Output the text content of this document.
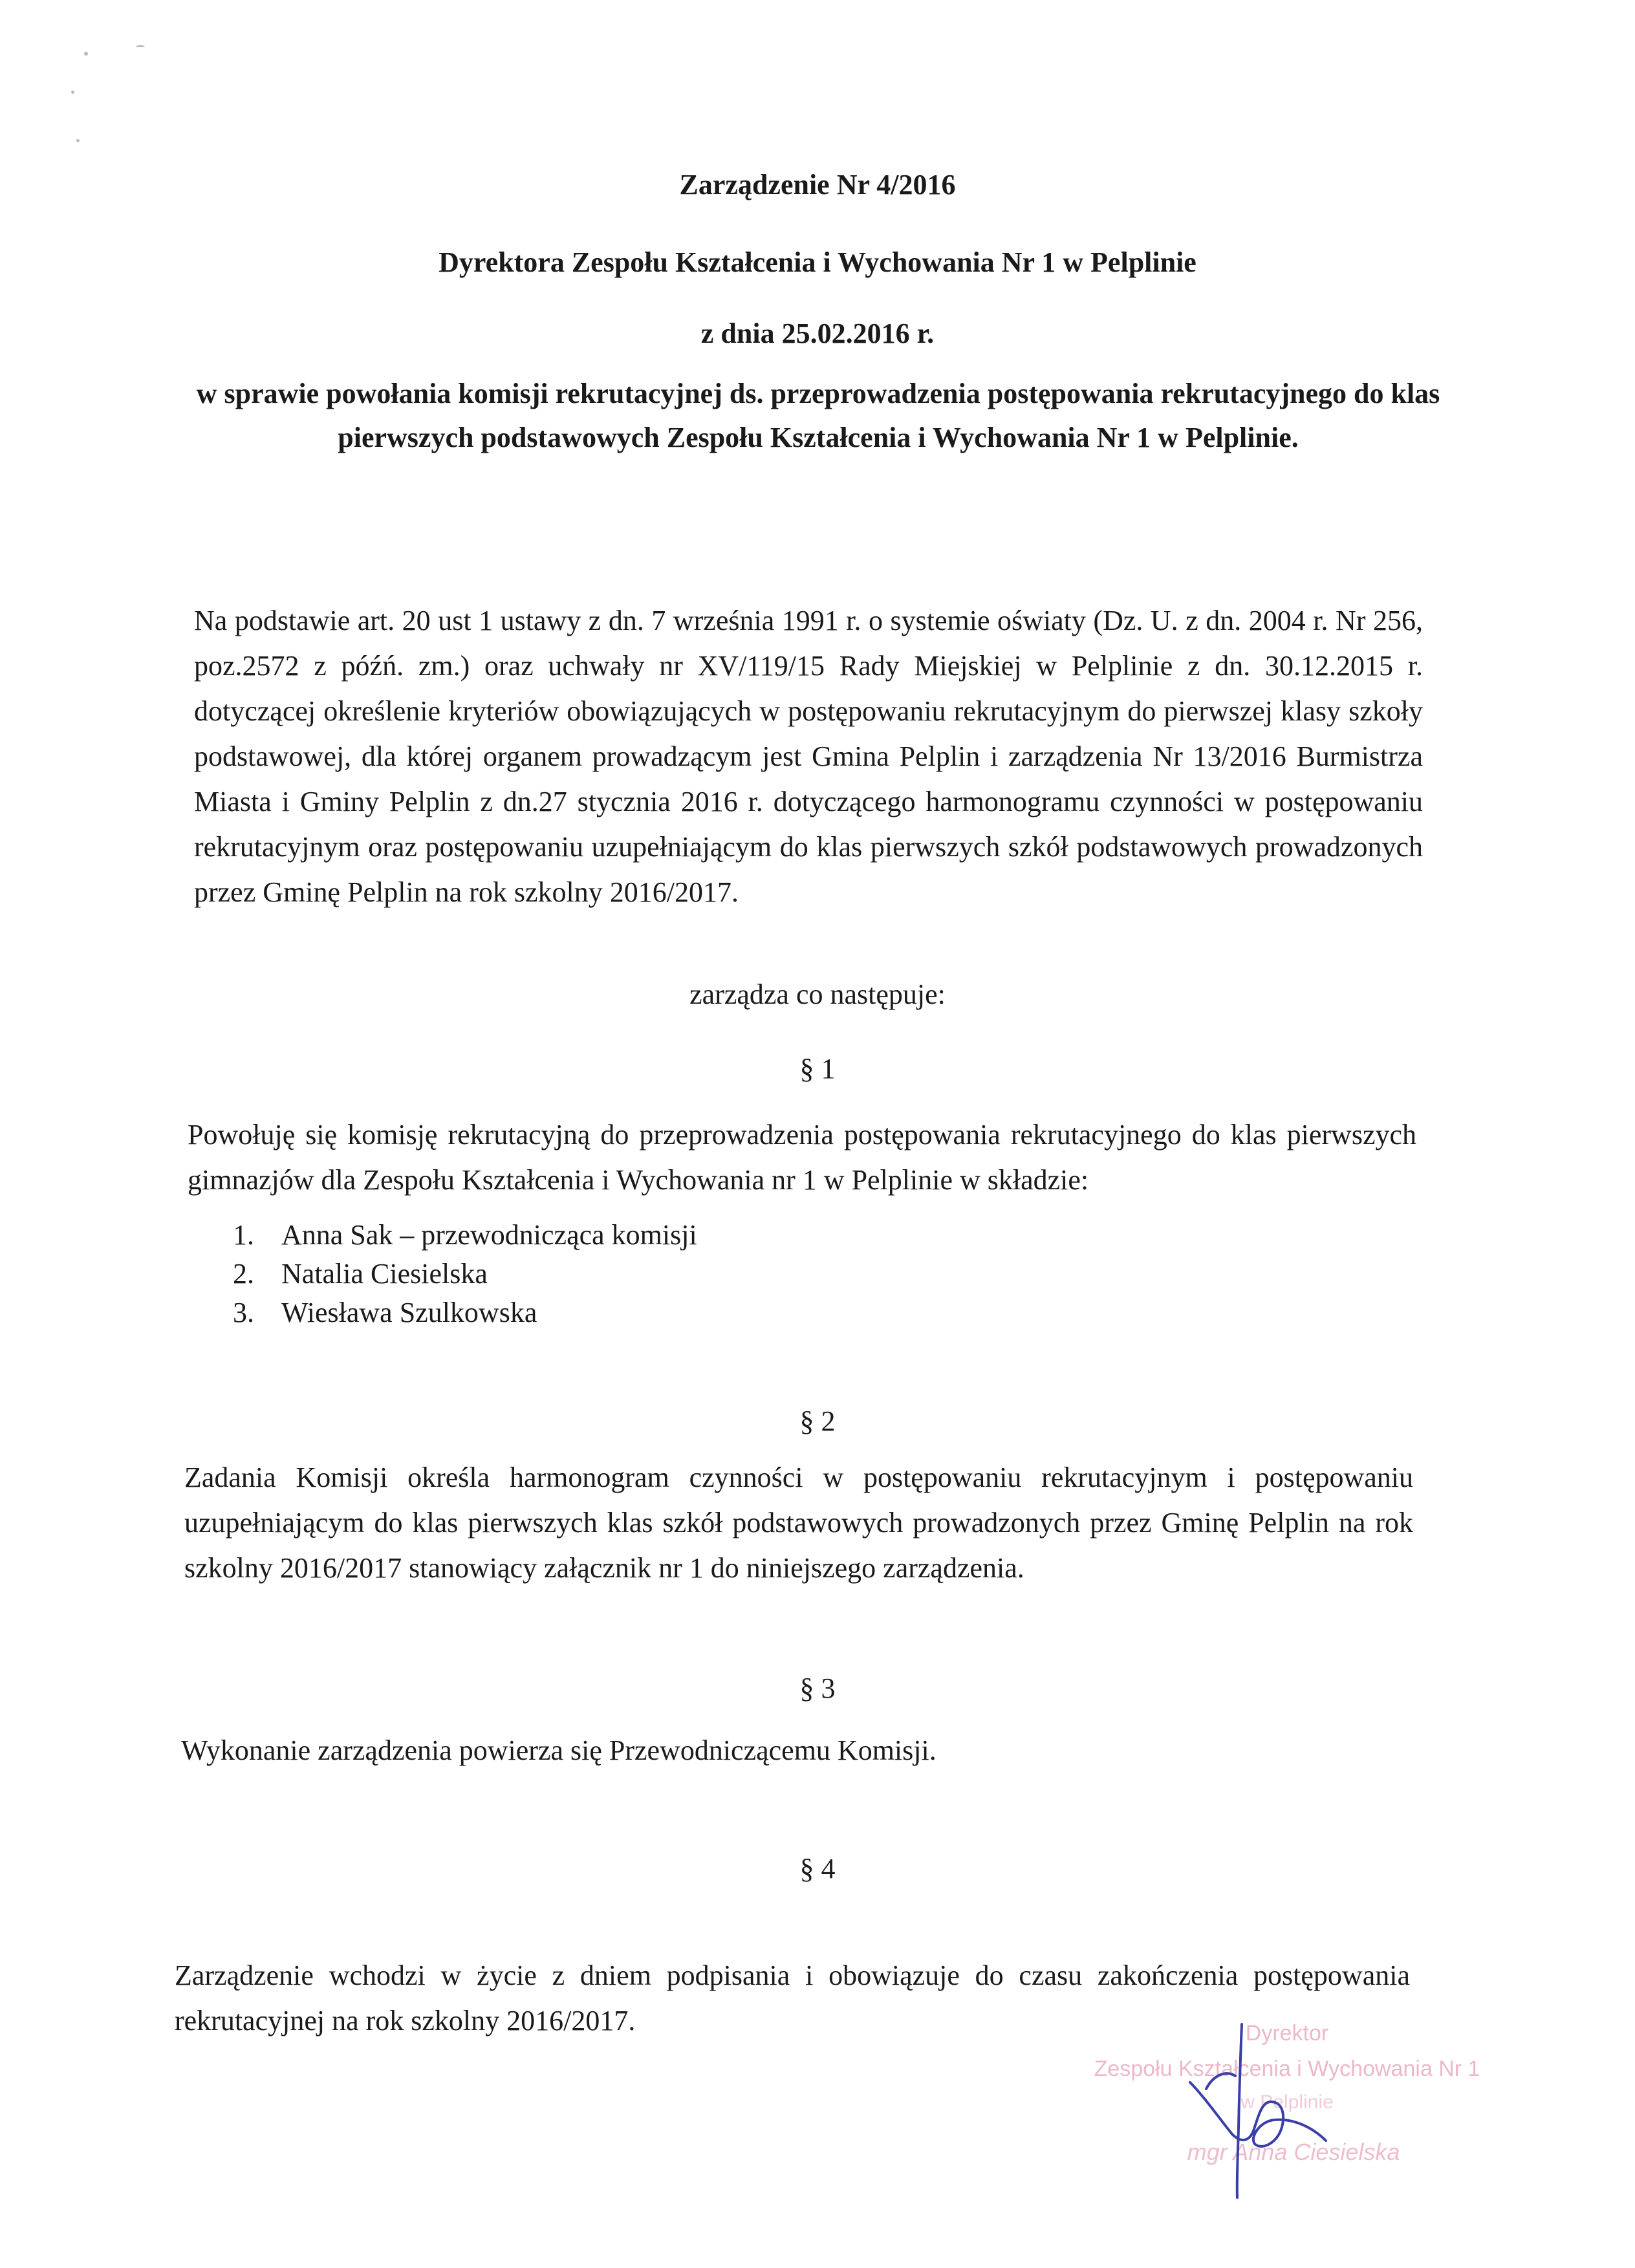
Zarządzenie Nr 4/2016
Dyrektora Zespołu Kształcenia i Wychowania Nr 1 w Pelplinie
z dnia 25.02.2016 r.
w sprawie powołania komisji rekrutacyjnej ds. przeprowadzenia postępowania rekrutacyjnego do klas pierwszych podstawowych Zespołu Kształcenia i Wychowania Nr 1 w Pelplinie.

Na podstawie art. 20 ust 1 ustawy z dn. 7 września 1991 r. o systemie oświaty (Dz. U. z dn. 2004 r. Nr 256, poz.2572 z późń. zm.) oraz uchwały nr XV/119/15 Rady Miejskiej w Pelplinie z dn. 30.12.2015 r. dotyczącej określenie kryteriów obowiązujących w postępowaniu rekrutacyjnym do pierwszej klasy szkoły podstawowej, dla której organem prowadzącym jest Gmina Pelplin i zarządzenia Nr 13/2016 Burmistrza Miasta i Gminy Pelplin z dn.27 stycznia 2016 r. dotyczącego harmonogramu czynności w postępowaniu rekrutacyjnym oraz postępowaniu uzupełniającym do klas pierwszych szkół podstawowych prowadzonych przez Gminę Pelplin na rok szkolny 2016/2017.

zarządza co następuje:
§ 1

Powołuję się komisję rekrutacyjną do przeprowadzenia postępowania rekrutacyjnego do klas pierwszych gimnazjów dla Zespołu Kształcenia i Wychowania nr 1 w Pelplinie w składzie:

1. Anna Sak – przewodnicząca komisji
2. Natalia Ciesielska
3. Wiesława Szulkowska
§ 2

Zadania Komisji określa harmonogram czynności w postępowaniu rekrutacyjnym i postępowaniu uzupełniającym do klas pierwszych klas szkół podstawowych prowadzonych przez Gminę Pelplin na rok szkolny 2016/2017 stanowiący załącznik nr 1 do niniejszego zarządzenia.

§ 3

Wykonanie zarządzenia powierza się Przewodniczącemu Komisji.

§ 4

Zarządzenie wchodzi w życie z dniem podpisania i obowiązuje do czasu zakończenia postępowania rekrutacyjnej na rok szkolny 2016/2017.	Dyrektor
Zespołu Kształcenia i Wychowania Nr 1
w Pelplinie
mgr Anna Ciesielska
